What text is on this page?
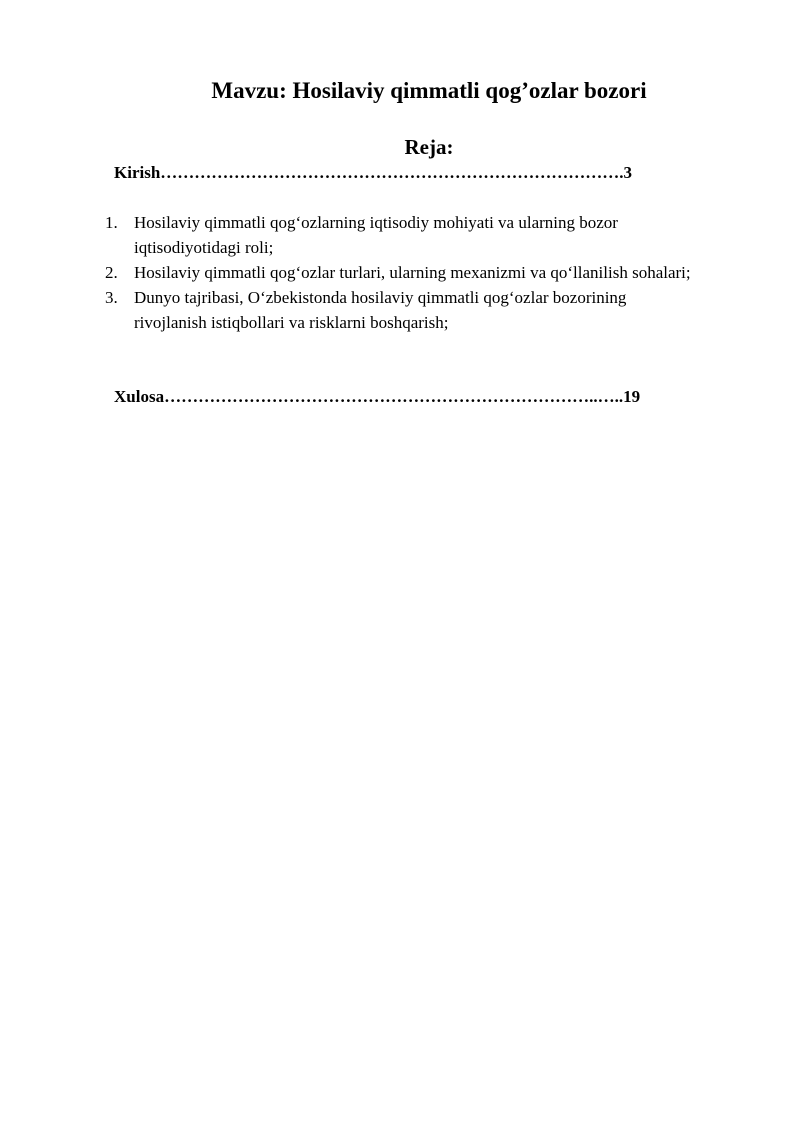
Mavzu: Hosilaviy qimmatli qog’ozlar bozori
Reja:
Kirish……………………………………………………………………….3
1. Hosilaviy qimmatli qog‘ozlarning iqtisodiy mohiyati va ularning bozor iqtisodiyotidagi roli;
2. Hosilaviy qimmatli qog‘ozlar turlari, ularning mexanizmi va qo‘llanilish sohalari;
3. Dunyo tajribasi, O‘zbekistonda hosilaviy qimmatli qog‘ozlar bozorining rivojlanish istiqbollari va risklarni boshqarish;
Xulosa…………………………………………………………………..…..19
